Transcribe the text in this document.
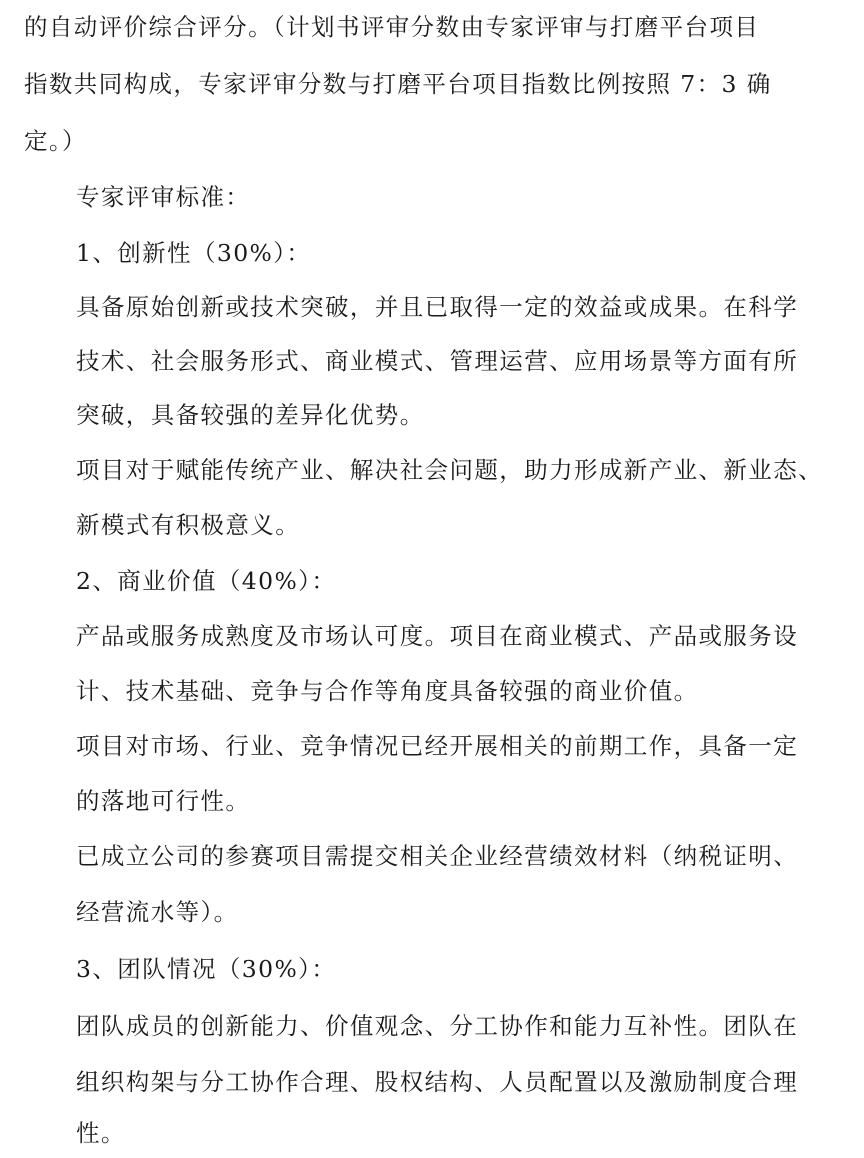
的自动评价综合评分。（计划书评审分数由专家评审与打磨平台项目
指数共同构成，专家评审分数与打磨平台项目指数比例按照 7：3 确
定。）
专家评审标准：
1、创新性（30%）：
具备原始创新或技术突破，并且已取得一定的效益或成果。在科学
技术、社会服务形式、商业模式、管理运营、应用场景等方面有所
突破，具备较强的差异化优势。
项目对于赋能传统产业、解决社会问题，助力形成新产业、新业态、
新模式有积极意义。
2、商业价值（40%）：
产品或服务成熟度及市场认可度。项目在商业模式、产品或服务设
计、技术基础、竞争与合作等角度具备较强的商业价值。
项目对市场、行业、竞争情况已经开展相关的前期工作，具备一定
的落地可行性。
已成立公司的参赛项目需提交相关企业经营绩效材料（纳税证明、
经营流水等）。
3、团队情况（30%）：
团队成员的创新能力、价值观念、分工协作和能力互补性。团队在
组织构架与分工协作合理、股权结构、人员配置以及激励制度合理
性。
